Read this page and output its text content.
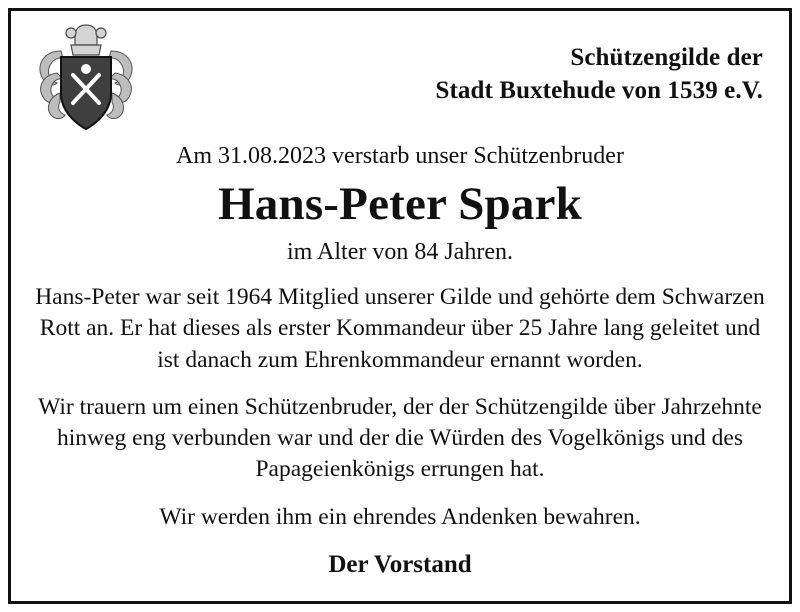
Schützengilde der
Stadt Buxtehude von 1539 e.V.
Am 31.08.2023 verstarb unser Schützenbruder
Hans-Peter Spark
im Alter von 84 Jahren.
Hans-Peter war seit 1964 Mitglied unserer Gilde und gehörte dem Schwarzen Rott an. Er hat dieses als erster Kommandeur über 25 Jahre lang geleitet und ist danach zum Ehrenkommandeur ernannt worden.
Wir trauern um einen Schützenbruder, der der Schützengilde über Jahrzehnte hinweg eng verbunden war und der die Würden des Vogelkönigs und des Papageienkönigs errungen hat.
Wir werden ihm ein ehrendes Andenken bewahren.
Der Vorstand
